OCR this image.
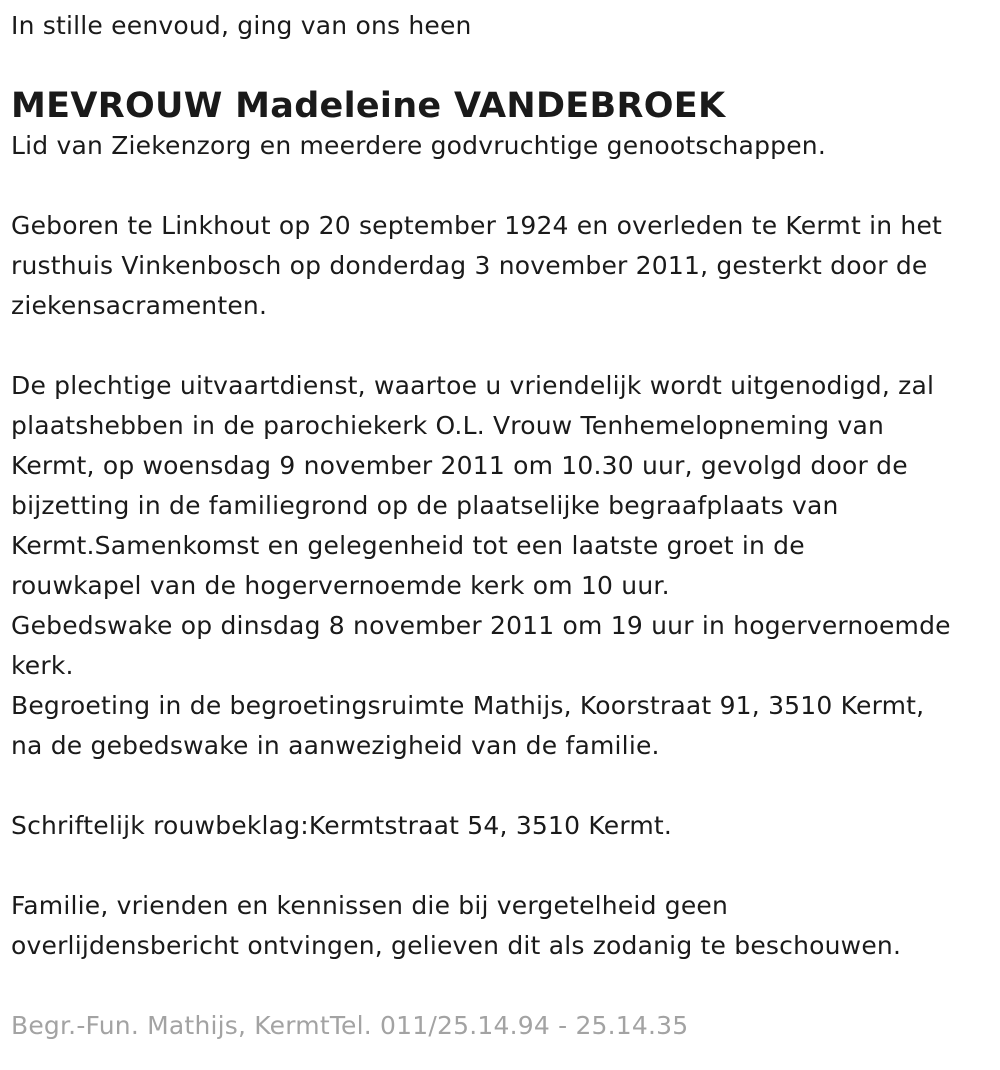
In stille eenvoud, ging van ons heen

MEVROUW Madeleine VANDEBROEK

Lid van Ziekenzorg en meerdere godvruchtige genootschappen.

Geboren te Linkhout op 20 september 1924 en overleden te Kermt in het
rusthuis Vinkenbosch op donderdag 3 november 2011, gesterkt door de
ziekensacramenten.

De plechtige uitvaartdienst, waartoe u vriendelijk wordt uitgenodigd, zal
plaatshebben in de parochiekerk O.L. Vrouw Tenhemelopneming van
Kermt, op woensdag 9 november 2011 om 10.30 uur, gevolgd door de
bijzetting in de familiegrond op de plaatselijke begraafplaats van
Kermt.Samenkomst en gelegenheid tot een laatste groet in de
rouwkapel van de hogervernoemde kerk om 10 uur.

Gebedswake op dinsdag 8 november 2011 om 19 uur in hogervernoemde
kerk.

Begroeting in de begroetingsruimte Mathijs, Koorstraat 91, 3510 Kermt,
na de gebedswake in aanwezigheid van de familie.

Schriftelijk rouwbeklag:Kermtstraat 54, 3510 Kermt.

Familie, vrienden en kennissen die bij vergetelheid geen
overlijdensbericht ontvingen, gelieven dit als zodanig te beschouwen.

Begr.-Fun. Mathijs, KermtTel. 011/25.14.94 - 25.14.35
